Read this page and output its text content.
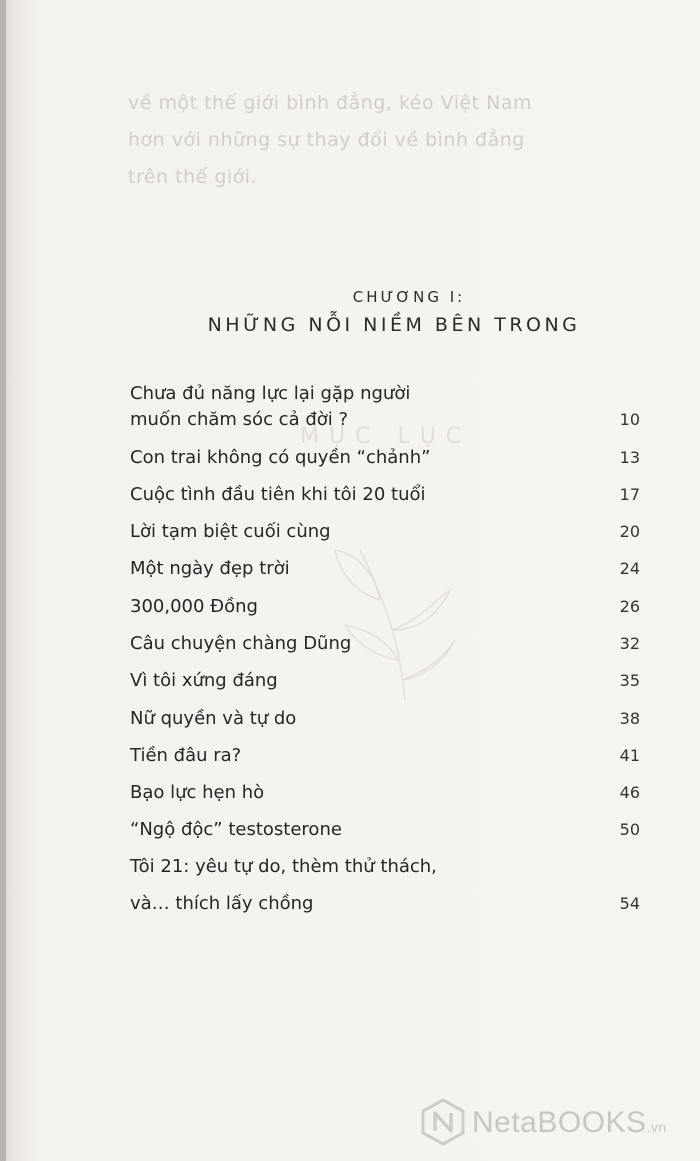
về một thế giới bình đẳng, kéo Việt Nam
hơn với những sự thay đổi về bình đẳng
trên thế giới.
MỤC LỤC
CHƯƠNG I:
NHỮNG NỖI NIỀM BÊN TRONG
Chưa đủ năng lực lại gặp người
muốn chăm sóc cả đời ?	10
Con trai không có quyền “chảnh”	13
Cuộc tình đầu tiên khi tôi 20 tuổi	17
Lời tạm biệt cuối cùng	20
Một ngày đẹp trời	24
300,000 Đồng	26
Câu chuyện chàng Dũng	32
Vì tôi xứng đáng	35
Nữ quyền và tự do	38
Tiền đâu ra?	41
Bạo lực hẹn hò	46
“Ngộ độc” testosterone	50
Tôi 21: yêu tự do, thèm thử thách,
và… thích lấy chồng	54
NetaBOOKS.vn
